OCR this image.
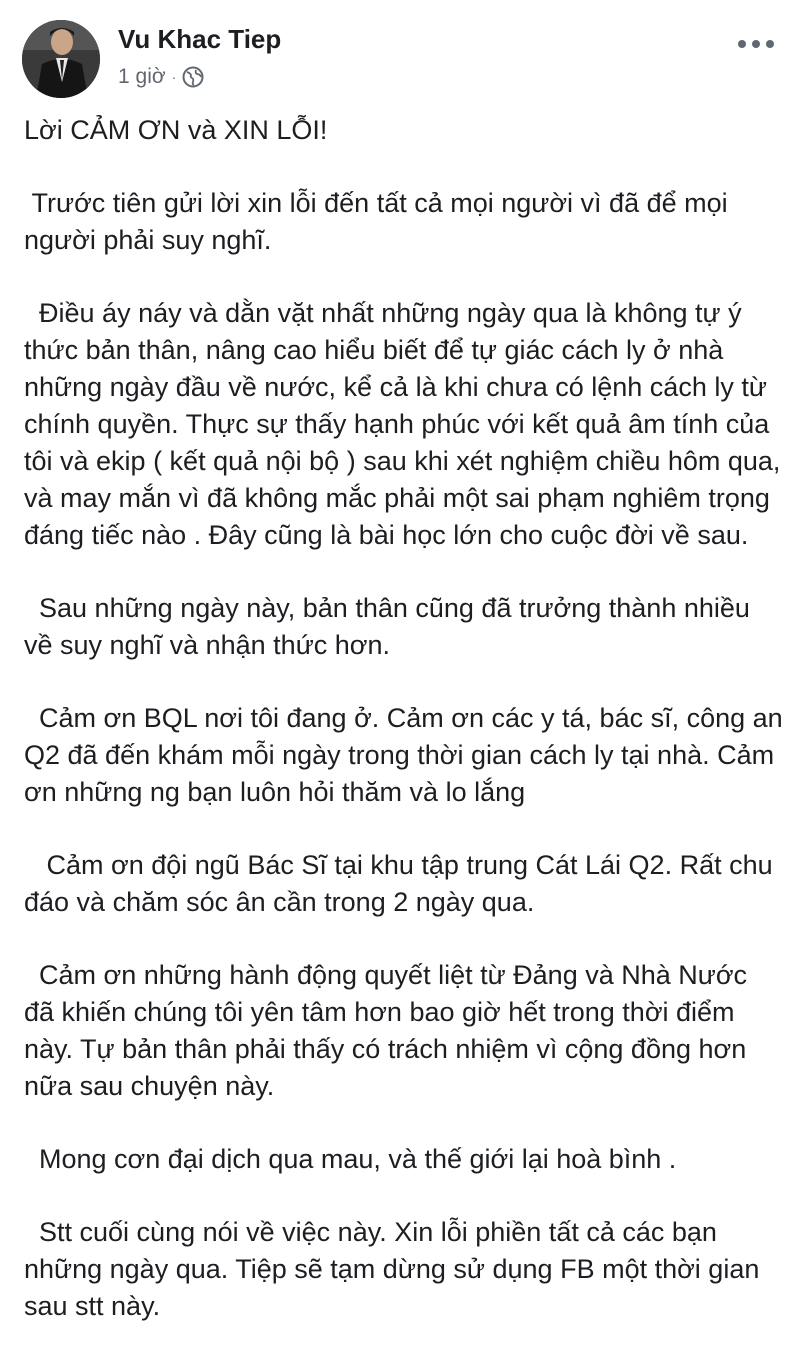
Vu Khac Tiep
1 giờ ·

Lời CẢM ƠN và XIN LỖI!

Trước tiên gửi lời xin lỗi đến tất cả mọi người vì đã để mọi người phải suy nghĩ.

Điều áy náy và dằn vặt nhất những ngày qua là không tự ý thức bản thân, nâng cao hiểu biết để tự giác cách ly ở nhà những ngày đầu về nước, kể cả là khi chưa có lệnh cách ly từ chính quyền. Thực sự thấy hạnh phúc với kết quả âm tính của tôi và ekip ( kết quả nội bộ ) sau khi xét nghiệm chiều hôm qua, và may mắn vì đã không mắc phải một sai phạm nghiêm trọng đáng tiếc nào . Đây cũng là bài học lớn cho cuộc đời về sau.

Sau những ngày này, bản thân cũng đã trưởng thành nhiều về suy nghĩ và nhận thức hơn.

Cảm ơn BQL nơi tôi đang ở. Cảm ơn các y tá, bác sĩ, công an Q2 đã đến khám mỗi ngày trong thời gian cách ly tại nhà. Cảm ơn những ng bạn luôn hỏi thăm và lo lắng

Cảm ơn đội ngũ Bác Sĩ tại khu tập trung Cát Lái Q2. Rất chu đáo và chăm sóc ân cần trong 2 ngày qua.

Cảm ơn những hành động quyết liệt từ Đảng và Nhà Nước đã khiến chúng tôi yên tâm hơn bao giờ hết trong thời điểm này. Tự bản thân phải thấy có trách nhiệm vì cộng đồng hơn nữa sau chuyện này.

Mong cơn đại dịch qua mau, và thế giới lại hoà bình .

Stt cuối cùng nói về việc này. Xin lỗi phiền tất cả các bạn những ngày qua. Tiệp sẽ tạm dừng sử dụng FB một thời gian sau stt này.
